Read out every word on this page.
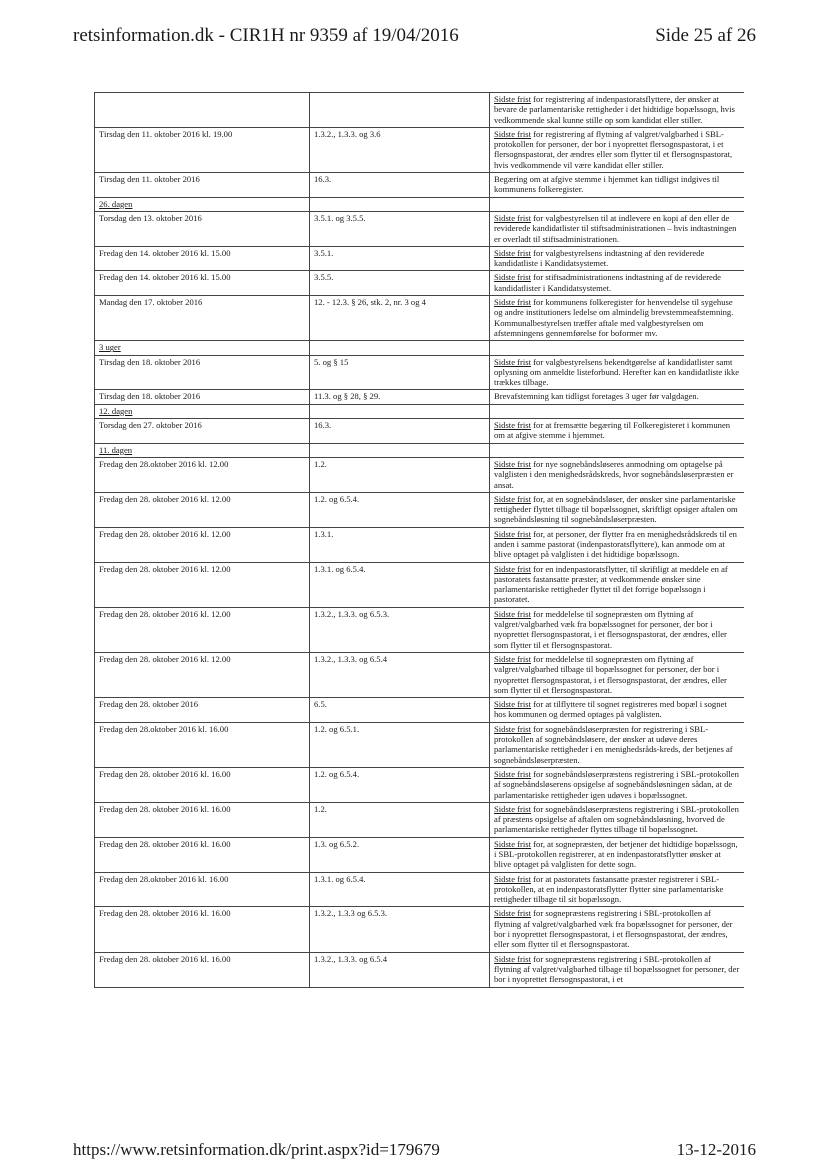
retsinformation.dk - CIR1H nr 9359 af 19/04/2016	Side 25 af 26
		Sidste frist for registrering af indenpastoratsflyttere, der ønsker at bevare de parlamentariske rettigheder i det hidtidige bopælssogn, hvis vedkommende skal kunne stille op som kandidat eller stiller.
Tirsdag den 11. oktober 2016 kl. 19.00	1.3.2., 1.3.3. og 3.6	Sidste frist for registrering af flytning af valgret/valgbarhed i SBL-protokollen for personer, der bor i nyoprettet flersognspastorat, i et flersognspastorat, der ændres eller som flytter til et flersognspastorat, hvis vedkommende vil være kandidat eller stiller.
Tirsdag den 11. oktober 2016	16.3.	Begæring om at afgive stemme i hjemmet kan tidligst indgives til kommunens folkeregister.
26. dagen		
Torsdag den 13. oktober 2016	3.5.1. og 3.5.5.	Sidste frist for valgbestyrelsen til at indlevere en kopi af den eller de reviderede kandidatlister til stiftsadministrationen – hvis indtastningen er overladt til stiftsadministrationen.
Fredag den 14. oktober 2016 kl. 15.00	3.5.1.	Sidste frist for valgbestyrelsens indtastning af den reviderede kandidatliste i Kandidatsystemet.
Fredag den 14. oktober 2016 kl. 15.00	3.5.5.	Sidste frist for stiftsadministrationens indtastning af de reviderede kandidatlister i Kandidatsystemet.
Mandag den 17. oktober 2016	12. - 12.3. § 26, stk. 2, nr. 3 og 4	Sidste frist for kommunens folkeregister for henvendelse til sygehuse og andre institutioners ledelse om almindelig brevstemmeafstemning. Kommunalbestyrelsen træffer aftale med valgbestyrelsen om afstemningens gennemførelse for boformer mv.
3 uger		
Tirsdag den 18. oktober 2016	5. og § 15	Sidste frist for valgbestyrelsens bekendtgørelse af kandidatlister samt oplysning om anmeldte listeforbund. Herefter kan en kandidatliste ikke trækkes tilbage.
Tirsdag den 18. oktober 2016	11.3. og § 28, § 29.	Brevafstemning kan tidligst foretages 3 uger før valgdagen.
12. dagen		
Torsdag den 27. oktober 2016	16.3.	Sidste frist for at fremsætte begæring til Folkeregisteret i kommunen om at afgive stemme i hjemmet.
11. dagen		
Fredag den 28.oktober 2016 kl. 12.00	1.2.	Sidste frist for nye sognebåndsløseres anmodning om optagelse på valglisten i den menighedsrådskreds, hvor sognebåndsløserpræsten er ansat.
Fredag den 28. oktober 2016 kl. 12.00	1.2. og 6.5.4.	Sidste frist for, at en sognebåndsløser, der ønsker sine parlamentariske rettigheder flyttet tilbage til bopælssognet, skriftligt opsiger aftalen om sognebåndsløsning til sognebåndsløserpræsten.
Fredag den 28. oktober 2016 kl. 12.00	1.3.1.	Sidste frist for, at personer, der flytter fra en menighedsrådskreds til en anden i samme pastorat (indenpastoratsflyttere), kan anmode om at blive optaget på valglisten i det hidtidige bopælssogn.
Fredag den 28. oktober 2016 kl. 12.00	1.3.1. og 6.5.4.	Sidste frist for en indenpastoratsflytter, til skriftligt at meddele en af pastoratets fastansatte præster, at vedkommende ønsker sine parlamentariske rettigheder flyttet til det forrige bopælssogn i pastoratet.
Fredag den 28. oktober 2016 kl. 12.00	1.3.2., 1.3.3. og 6.5.3.	Sidste frist for meddelelse til sognepræsten om flytning af valgret/valgbarhed væk fra bopælssognet for personer, der bor i nyoprettet flersognspastorat, i et flersognspastorat, der ændres, eller som flytter til et flersognspastorat.
Fredag den 28. oktober 2016 kl. 12.00	1.3.2., 1.3.3. og 6.5.4	Sidste frist for meddelelse til sognepræsten om flytning af valgret/valgbarhed tilbage til bopælssognet for personer, der bor i nyoprettet flersognspastorat, i et flersognspastorat, der ændres, eller som flytter til et flersognspastorat.
Fredag den 28. oktober 2016	6.5.	Sidste frist for at tilflyttere til sognet registreres med bopæl i sognet hos kommunen og dermed optages på valglisten.
Fredag den 28.oktober 2016 kl. 16.00	1.2. og 6.5.1.	Sidste frist for sognebåndsløserpræsten for registrering i SBL-protokollen af sognebåndsløsere, der ønsker at udøve deres parlamentariske rettigheder i en menighedsråds-kreds, der betjenes af sognebåndsløserpræsten.
Fredag den 28. oktober 2016 kl. 16.00	1.2. og 6.5.4.	Sidste frist for sognebåndsløserpræstens registrering i SBL-protokollen af sognebåndsløserens opsigelse af sognebåndsløsningen sådan, at de parlamentariske rettigheder igen udøves i bopælssognet.
Fredag den 28. oktober 2016 kl. 16.00	1.2.	Sidste frist for sognebåndsløserpræstens registrering i SBL-protokollen af præstens opsigelse af aftalen om sognebåndsløsning, hvorved de parlamentariske rettigheder flyttes tilbage til bopælssognet.
Fredag den 28. oktober 2016 kl. 16.00	1.3. og 6.5.2.	Sidste frist for, at sognepræsten, der betjener det hidtidige bopælssogn, i SBL-protokollen registrerer, at en indenpastoratsflytter ønsker at blive optaget på valglisten for dette sogn.
Fredag den 28.oktober 2016 kl. 16.00	1.3.1. og 6.5.4.	Sidste frist for at pastoratets fastansatte præster registrerer i SBL-protokollen, at en indenpastoratsflytter flytter sine parlamentariske rettigheder tilbage til sit bopælssogn.
Fredag den 28. oktober 2016 kl. 16.00	1.3.2., 1.3.3 og 6.5.3.	Sidste frist for sognepræstens registrering i SBL-protokollen af flytning af valgret/valgbarhed væk fra bopælssognet for personer, der bor i nyoprettet flersognspastorat, i et flersognspastorat, der ændres, eller som flytter til et flersognspastorat.
Fredag den 28. oktober 2016 kl. 16.00	1.3.2., 1.3.3. og 6.5.4	Sidste frist for sognepræstens registrering i SBL-protokollen af flytning af valgret/valgbarhed tilbage til bopælssognet for personer, der bor i nyoprettet flersognspastorat, i et
https://www.retsinformation.dk/print.aspx?id=179679	13-12-2016
